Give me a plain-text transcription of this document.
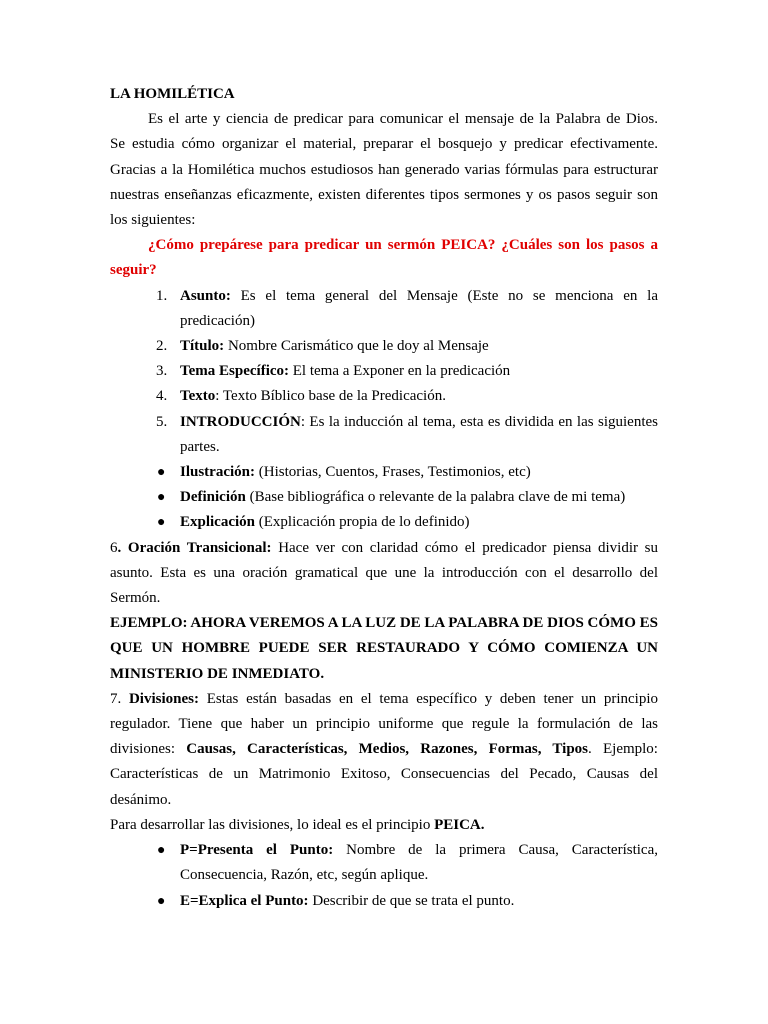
LA HOMILÉTICA

Es el arte y ciencia de predicar para comunicar el mensaje de la Palabra de Dios.
Se estudia cómo organizar el material, preparar el bosquejo y predicar efectivamente. Gracias a la Homilética muchos estudiosos han generado varias fórmulas para estructurar nuestras enseñanzas eficazmente, existen diferentes tipos sermones y os pasos seguir son los siguientes:

¿Cómo prepárese para predicar un sermón PEICA? ¿Cuáles son los pasos a seguir?

1. Asunto: Es el tema general del Mensaje (Este no se menciona en la predicación)
2. Título: Nombre Carismático que le doy al Mensaje
3. Tema Específico: El tema a Exponer en la predicación
4. Texto: Texto Bíblico base de la Predicación.
5. INTRODUCCIÓN: Es la inducción al tema, esta es dividida en las siguientes partes.
● Ilustración: (Historias, Cuentos, Frases, Testimonios, etc)
● Definición (Base bibliográfica o relevante de la palabra clave de mi tema)
● Explicación (Explicación propia de lo definido)

6. Oración Transicional: Hace ver con claridad cómo el predicador piensa dividir su asunto. Esta es una oración gramatical que une la introducción con el desarrollo del Sermón.

EJEMPLO: AHORA VEREMOS A LA LUZ DE LA PALABRA DE DIOS CÓMO ES QUE UN HOMBRE PUEDE SER RESTAURADO Y CÓMO COMIENZA UN MINISTERIO DE INMEDIATO.

7. Divisiones: Estas están basadas en el tema específico y deben tener un principio regulador. Tiene que haber un principio uniforme que regule la formulación de las divisiones: Causas, Características, Medios, Razones, Formas, Tipos. Ejemplo: Características de un Matrimonio Exitoso, Consecuencias del Pecado, Causas del desánimo.

Para desarrollar las divisiones, lo ideal es el principio PEICA.

● P=Presenta el Punto: Nombre de la primera Causa, Característica, Consecuencia, Razón, etc, según aplique.
● E=Explica el Punto: Describir de que se trata el punto.
